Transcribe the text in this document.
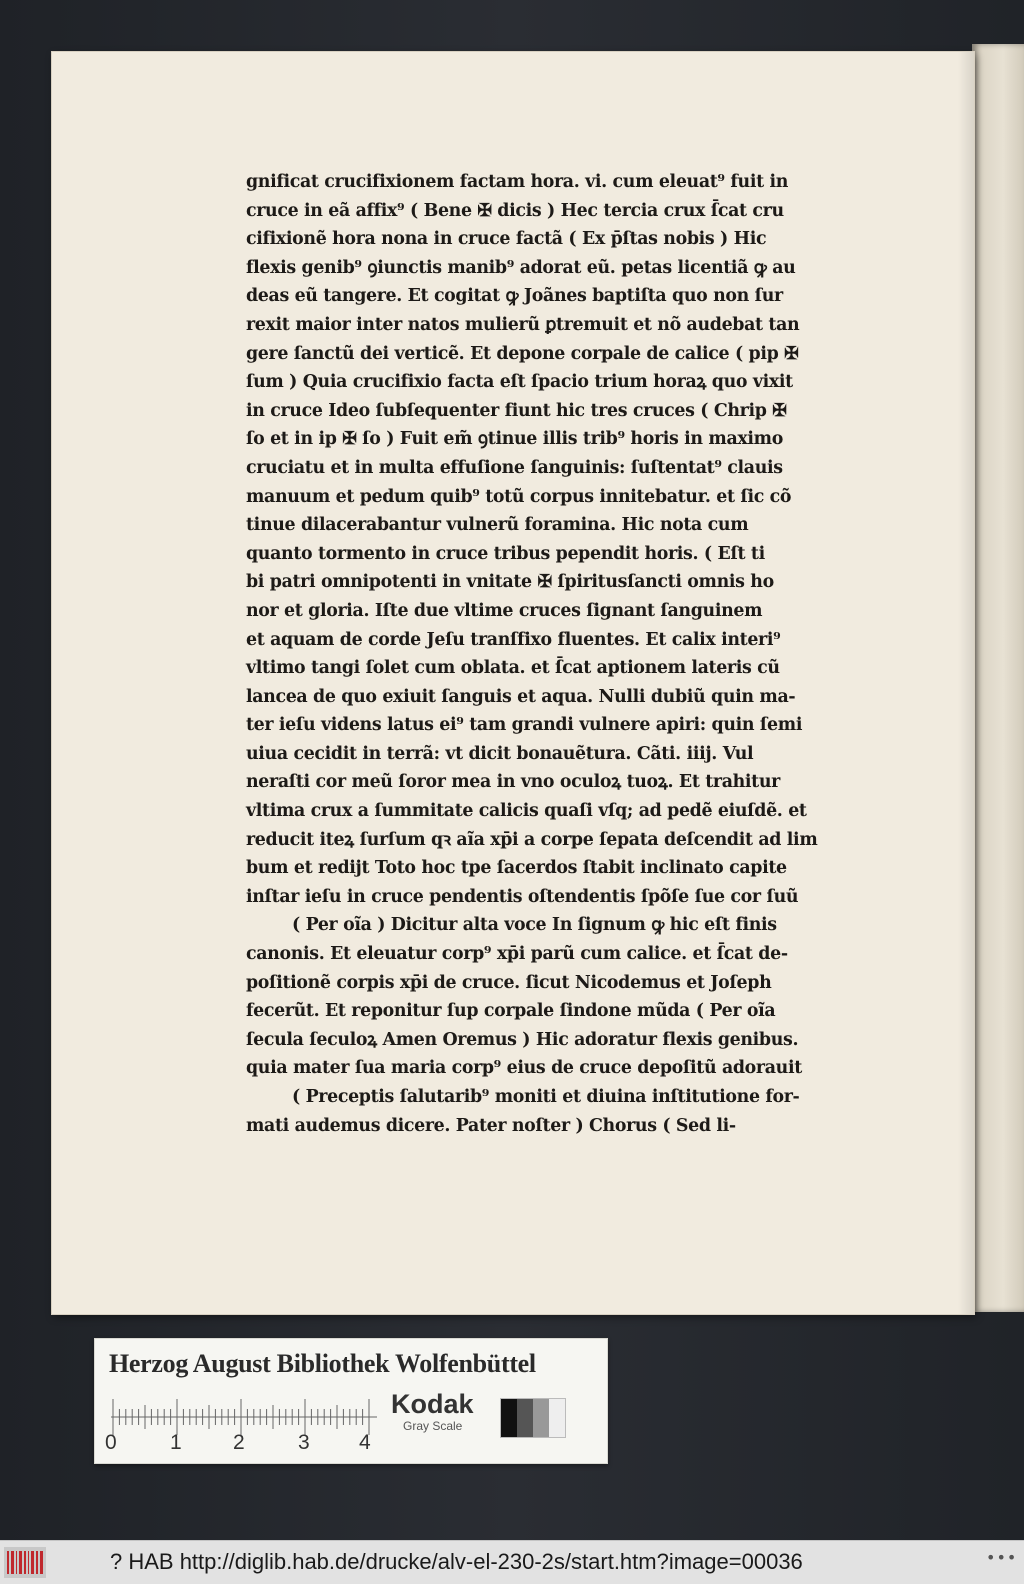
gnificat crucifixionem factam hora. vi. cum eleuat⁹ fuit in
cruce in eã affix⁹ ( Bene ✠ dicis ) Hec tercia crux ſ̄cat cru
cifixionẽ hora nona in cruce factã ( Ex p̄ſtas nobis ) Hic
flexis genib⁹ ꝯiunctis manib⁹ adorat eũ. petas licentiã ꝙ au
deas eũ tangere. Et cogitat ꝙ Joãnes baptiſta quo non ſur
rexit maior inter natos mulierũ ꝑtremuit et nõ audebat tan
gere ſanctũ dei verticẽ. Et depone corpale de calice ( pip ✠
ſum ) Quia crucifixio facta eſt ſpacio trium horaꝝ quo vixit
in cruce Ideo ſubſequenter fiunt hic tres cruces ( Chrip ✠
ſo et in ip ✠ ſo ) Fuit em̃ ꝯtinue illis trib⁹ horis in maximo
cruciatu et in multa effuſione ſanguinis: ſuſtentat⁹ clauis
manuum et pedum quib⁹ totũ corpus innitebatur. et ſic cõ
tinue dilacerabantur vulnerũ foramina. Hic nota cum
quanto tormento in cruce tribus pependit horis. ( Eſt ti
bi patri omnipotenti in vnitate ✠ ſpiritusſancti omnis ho
nor et gloria. Iſte due vltime cruces ſignant ſanguinem
et aquam de corde Jeſu tranſfixo fluentes. Et calix interi⁹
vltimo tangi ſolet cum oblata. et ſ̄cat aptionem lateris cũ
lancea de quo exiuit ſanguis et aqua. Nulli dubiũ quin ma-
ter ieſu videns latus ei⁹ tam grandi vulnere apiri: quin ſemi
uiua cecidit in terrã: vt dicit bonauẽtura. Cãti. iiij. Vul
neraſti cor meũ ſoror mea in vno oculoꝝ tuoꝝ. Et trahitur
vltima crux a ſummitate calicis quaſi vſq; ad pedẽ eiuſdẽ. et
reducit iteꝝ ſurſum qꝛ aĩa xp̄i a corpe ſepata deſcendit ad lim
bum et redijt Toto hoc tpe ſacerdos ſtabit inclinato capite
inſtar ieſu in cruce pendentis oſtendentis ſpõſe ſue cor ſuũ
( Per oĩa ) Dicitur alta voce In ſignum ꝙ hic eſt finis
canonis. Et eleuatur corp⁹ xp̄i parũ cum calice. et ſ̄cat de-
poſitionẽ corpis xp̄i de cruce. ſicut Nicodemus et Joſeph
fecerũt. Et reponitur ſup corpale ſindone mũda ( Per oĩa
ſecula ſeculoꝝ Amen Oremus ) Hic adoratur flexis genibus.
quia mater ſua maria corp⁹ eius de cruce depoſitũ adorauit
( Preceptis ſalutarib⁹ moniti et diuina inſtitutione for-
mati audemus dicere. Pater noſter ) Chorus ( Sed li-
Herzog August Bibliothek Wolfenbüttel
0	1 2	3 4
Kodak
Gray Scale
? HAB http://diglib.hab.de/drucke/alv-el-230-2s/start.htm?image=00036	•••
